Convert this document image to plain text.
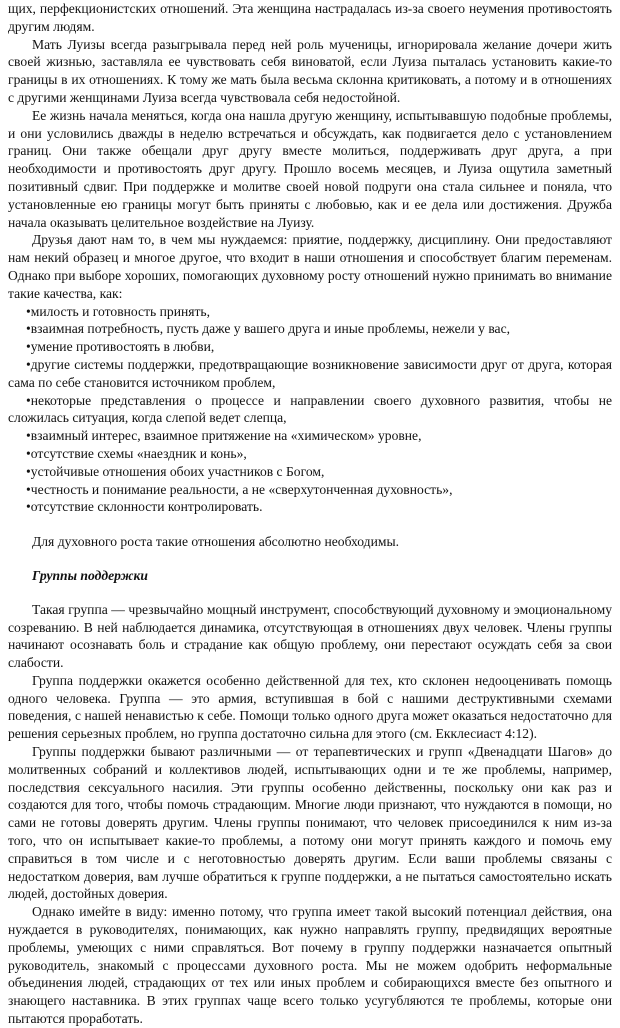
щих, перфекционистских отношений. Эта женщина настрадалась из-за своего неумения противостоять другим людям.

Мать Луизы всегда разыгрывала перед ней роль мученицы, игнорировала желание дочери жить своей жизнью, заставляла ее чувствовать себя виноватой, если Луиза пыталась установить какие-то границы в их отношениях. К тому же мать была весьма склонна критиковать, а потому и в отношениях с другими женщинами Луиза всегда чувствовала себя недостойной.

Ее жизнь начала меняться, когда она нашла другую женщину, испытывавшую подобные проблемы, и они условились дважды в неделю встречаться и обсуждать, как подвигается дело с установлением границ. Они также обещали друг другу вместе молиться, поддерживать друг друга, а при необходимости и противостоять друг другу. Прошло восемь месяцев, и Луиза ощутила заметный позитивный сдвиг. При поддержке и молитве своей новой подруги она стала сильнее и поняла, что установленные ею границы могут быть приняты с любовью, как и ее дела или достижения. Дружба начала оказывать целительное воздействие на Луизу.

Друзья дают нам то, в чем мы нуждаемся: приятие, поддержку, дисциплину. Они предоставляют нам некий образец и многое другое, что входит в наши отношения и способствует благим переменам. Однако при выборе хороших, помогающих духовному росту отношений нужно принимать во внимание такие качества, как:

•милость и готовность принять,
•взаимная потребность, пусть даже у вашего друга и иные проблемы, нежели у вас,
•умение противостоять в любви,
•другие системы поддержки, предотвращающие возникновение зависимости друг от друга, которая сама по себе становится источником проблем,
•некоторые представления о процессе и направлении своего духовного развития, чтобы не сложилась ситуация, когда слепой ведет слепца,
•взаимный интерес, взаимное притяжение на «химическом» уровне,
•отсутствие схемы «наездник и конь»,
•устойчивые отношения обоих участников с Богом,
•честность и понимание реальности, а не «сверхутонченная духовность»,
•отсутствие склонности контролировать.

Для духовного роста такие отношения абсолютно необходимы.

Группы поддержки

Такая группа — чрезвычайно мощный инструмент, способствующий духовному и эмоциональному созреванию. В ней наблюдается динамика, отсутствующая в отношениях двух человек. Члены группы начинают осознавать боль и страдание как общую проблему, они перестают осуждать себя за свои слабости.

Группа поддержки окажется особенно действенной для тех, кто склонен недооценивать помощь одного человека. Группа — это армия, вступившая в бой с нашими деструктивными схемами поведения, с нашей ненавистью к себе. Помощи только одного друга может оказаться недостаточно для решения серьезных проблем, но группа достаточно сильна для этого (см. Екклесиаст 4:12).

Группы поддержки бывают различными — от терапевтических и групп «Двенадцати Шагов» до молитвенных собраний и коллективов людей, испытывающих одни и те же проблемы, например, последствия сексуального насилия. Эти группы особенно действенны, поскольку они как раз и создаются для того, чтобы помочь страдающим. Многие люди признают, что нуждаются в помощи, но сами не готовы доверять другим. Члены группы понимают, что человек присоединился к ним из-за того, что он испытывает какие-то проблемы, а потому они могут принять каждого и помочь ему справиться в том числе и с неготовностью доверять другим. Если ваши проблемы связаны с недостатком доверия, вам лучше обратиться к группе поддержки, а не пытаться самостоятельно искать людей, достойных доверия.

Однако имейте в виду: именно потому, что группа имеет такой высокий потенциал действия, она нуждается в руководителях, понимающих, как нужно направлять группу, предвидящих вероятные проблемы, умеющих с ними справляться. Вот почему в группу поддержки назначается опытный руководитель, знакомый с процессами духовного роста. Мы не можем одобрить неформальные объединения людей, страдающих от тех или иных проблем и собирающихся вместе без опытного и знающего наставника. В этих группах чаще всего только усугубляются те проблемы, которые они пытаются проработать.
